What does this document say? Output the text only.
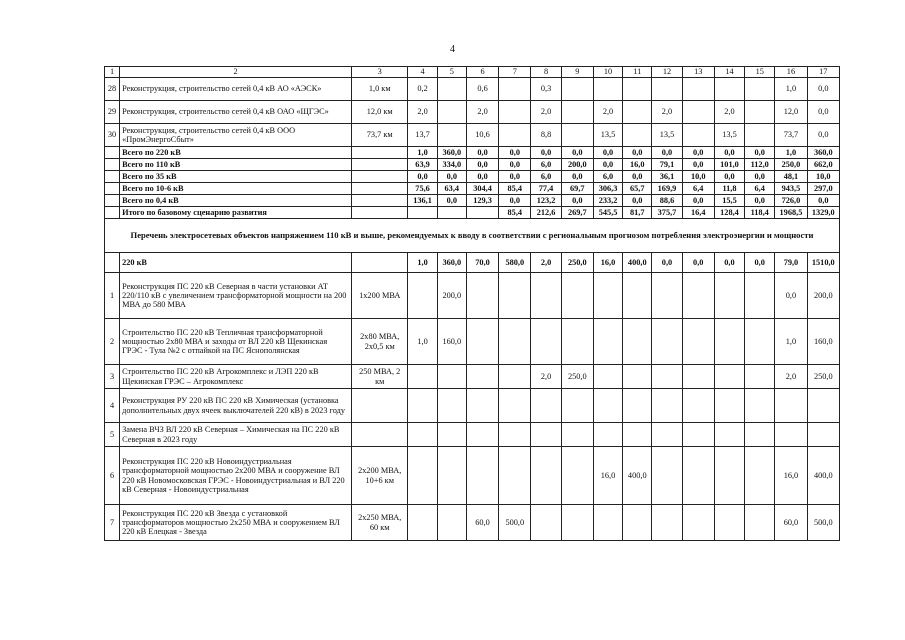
4
1	2	3	4	5	6	7	8	9	10	11	12	13	14	15	16	17
28	Реконструкция, строительство сетей 0,4 кВ АО «АЭСК»	1,0 км	0,2		0,6		0,3								1,0	0,0
29	Реконструкция, строительство сетей 0,4 кВ ОАО «ЩГЭС»	12,0 км	2,0		2,0		2,0		2,0		2,0		2,0		12,0	0,0
30	Реконструкция, строительство сетей 0,4 кВ ООО «ПромЭнергоСбыт»	73,7 км	13,7		10,6		8,8		13,5		13,5		13,5		73,7	0,0
	Всего по 220 кВ		1,0	360,0	0,0	0,0	0,0	0,0	0,0	0,0	0,0	0,0	0,0	0,0	1,0	360,0
	Всего по 110 кВ		63,9	334,0	0,0	0,0	6,0	200,0	0,0	16,0	79,1	0,0	101,0	112,0	250,0	662,0
	Всего по 35 кВ		0,0	0,0	0,0	0,0	6,0	0,0	6,0	0,0	36,1	10,0	0,0	0,0	48,1	10,0
	Всего по 10-6 кВ		75,6	63,4	304,4	85,4	77,4	69,7	306,3	65,7	169,9	6,4	11,8	6,4	943,5	297,0
	Всего по 0,4 кВ		136,1	0,0	129,3	0,0	123,2	0,0	233,2	0,0	88,6	0,0	15,5	0,0	726,0	0,0
	Итого по базовому сценарию развития					85,4	212,6	269,7	545,5	81,7	375,7	16,4	128,4	118,4	1968,5	1329,0
Перечень электросетевых объектов напряжением 110 кВ и выше, рекомендуемых к вводу в соответствии с региональным прогнозом потребления электроэнергии и мощности																
	220 кВ		1,0	360,0	70,0	580,0	2,0	250,0	16,0	400,0	0,0	0,0	0,0	0,0	79,0	1510,0
1	Реконструкция ПС 220 кВ Северная в части установки АТ 220/110 кВ с увеличением трансформаторной мощности на 200 МВА до 580 МВА	1х200 МВА		200,0											0,0	200,0
2	Строительство ПС 220 кВ Тепличная трансформаторной мощностью 2х80 МВА и заходы от ВЛ 220 кВ Щекинская ГРЭС - Тула №2 с отпайкой на ПС Яснополянская	2х80 МВА, 2х0,5 км	1,0	160,0											1,0	160,0
3	Строительство ПС 220 кВ Агрокомплекс и ЛЭП 220 кВ Щекинская ГРЭС – Агрокомплекс	250 МВА, 2 км					2,0	250,0							2,0	250,0
4	Реконструкция РУ 220 кВ ПС 220 кВ Химическая (установка дополнительных двух ячеек выключателей 220 кВ) в 2023 году															
5	Замена ВЧЗ ВЛ 220 кВ Северная – Химическая на ПС 220 кВ Северная в 2023 году															
6	Реконструкция ПС 220 кВ Новоиндустриальная трансформаторной мощностью 2х200 МВА и сооружение ВЛ 220 кВ Новомосковская ГРЭС - Новоиндустриальная и ВЛ 220 кВ Северная - Новоиндустриальная	2х200 МВА, 10+6 км							16,0	400,0					16,0	400,0
7	Реконструкция ПС 220 кВ Звезда с установкой трансформаторов мощностью 2х250 МВА и сооружением ВЛ 220 кВ Елецкая - Звезда	2х250 МВА, 60 км			60,0	500,0									60,0	500,0
